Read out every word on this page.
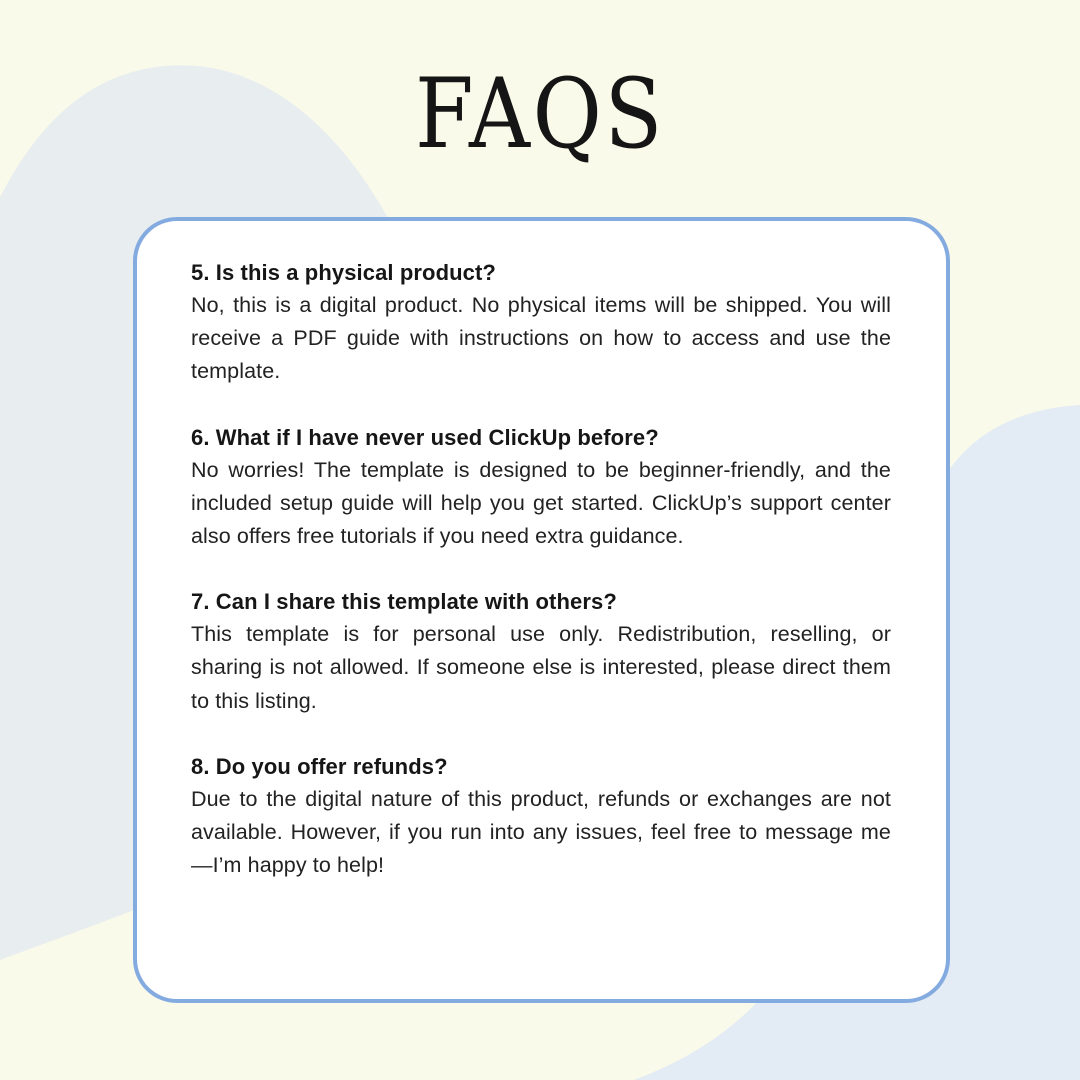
FAQS
5. Is this a physical product?

No, this is a digital product. No physical items will be shipped. You will receive a PDF guide with instructions on how to access and use the template.

6. What if I have never used ClickUp before?

No worries! The template is designed to be beginner-friendly, and the included setup guide will help you get started. ClickUp’s support center also offers free tutorials if you need extra guidance.

7. Can I share this template with others?

This template is for personal use only. Redistribution, reselling, or sharing is not allowed. If someone else is interested, please direct them to this listing.

8. Do you offer refunds?

Due to the digital nature of this product, refunds or exchanges are not available. However, if you run into any issues, feel free to message me—I’m happy to help!
